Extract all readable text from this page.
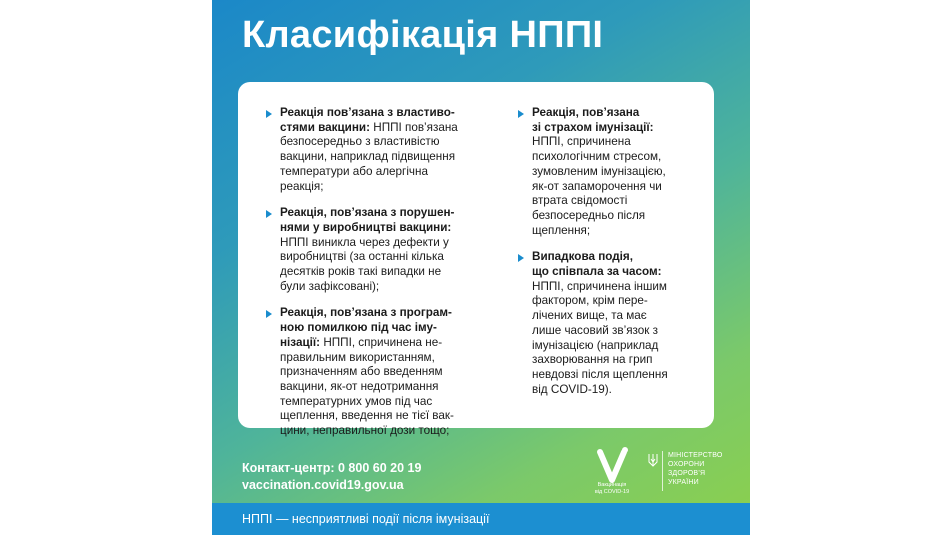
Класифікація НППІ
Реакція пов’язана з властиво-
стями вакцини: НППІ пов’язана
безпосередньо з властивістю
вакцини, наприклад підвищення
температури або алергічна
реакція;
Реакція, пов’язана з порушен-
нями у виробництві вакцини:
НППІ виникла через дефекти у
виробництві (за останні кілька
десятків років такі випадки не
були зафіксовані);
Реакція, пов’язана з програм-
ною помилкою під час іму-
нізації: НППІ, спричинена не-
правильним використанням,
призначенням або введенням
вакцини, як-от недотримання
температурних умов під час
щеплення, введення не тієї вак-
цини, неправильної дози тощо;
Реакція, пов’язана
зі страхом імунізації:
НППІ, спричинена
психологічним стресом,
зумовленим імунізацією,
як-от запаморочення чи
втрата свідомості
безпосередньо після
щеплення;
Випадкова подія,
що співпала за часом:
НППІ, спричинена іншим
фактором, крім пере-
лічених вище, та має
лише часовий зв’язок з
імунізацією (наприклад
захворювання на грип
невдовзі після щеплення
від COVID-19).
Контакт-центр: 0 800 60 20 19
vaccination.covid19.gov.ua	Вакцинація
від COVID-19
МІНІСТЕРСТВО
ОХОРОНИ
ЗДОРОВ’Я
УКРАЇНИ
НППІ — несприятливі події після імунізації
